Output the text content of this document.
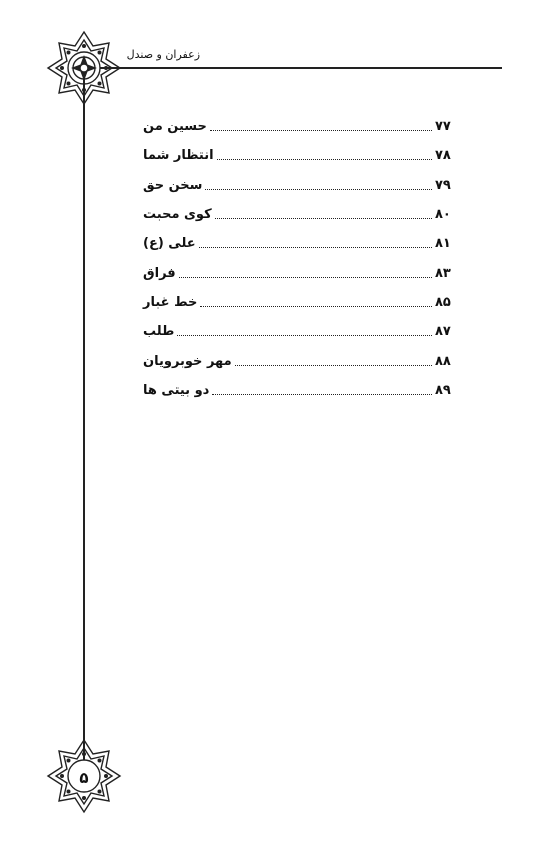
زعفران و صندل
حسین من	۷۷
انتظار شما	۷۸
سخن حق	۷۹
کوی محبت	۸۰
علی (ع)	۸۱
فراق	۸۳
خط غبار	۸۵
طلب	۸۷
مهر خوبرویان	۸۸
دو بیتی ها	۸۹
۵
